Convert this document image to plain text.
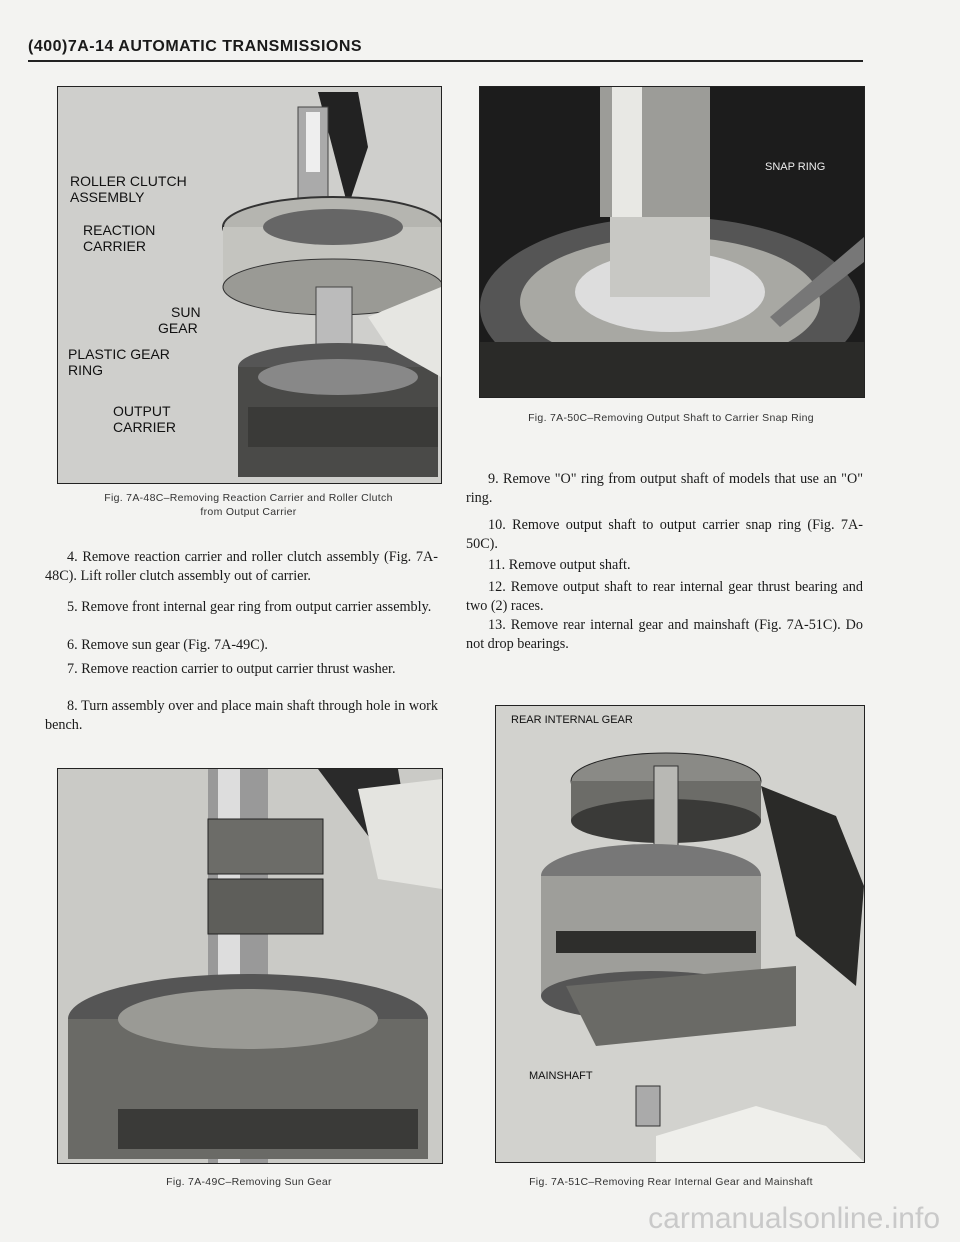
(400)7A-14 AUTOMATIC TRANSMISSIONS
ROLLER CLUTCH
ASSEMBLY
REACTION
CARRIER
SUN
GEAR
PLASTIC GEAR
RING
OUTPUT
CARRIER
Fig. 7A-48C–Removing Reaction Carrier and Roller Clutch
from Output Carrier

4. Remove reaction carrier and roller clutch assembly (Fig. 7A-48C). Lift roller clutch assembly out of carrier.

5. Remove front internal gear ring from output carrier assembly.

6. Remove sun gear (Fig. 7A-49C).

7. Remove reaction carrier to output carrier thrust washer.

8. Turn assembly over and place main shaft through hole in work bench.

Fig. 7A-49C–Removing Sun Gear
SNAP RING
Fig. 7A-50C–Removing Output Shaft to Carrier Snap Ring

9. Remove "O" ring from output shaft of models that use an "O" ring.

10. Remove output shaft to output carrier snap ring (Fig. 7A-50C).

11. Remove output shaft.

12. Remove output shaft to rear internal gear thrust bearing and two (2) races.

13. Remove rear internal gear and mainshaft (Fig. 7A-51C). Do not drop bearings.

REAR INTERNAL GEAR
MAINSHAFT
Fig. 7A-51C–Removing Rear Internal Gear and Mainshaft
carmanualsonline.info
